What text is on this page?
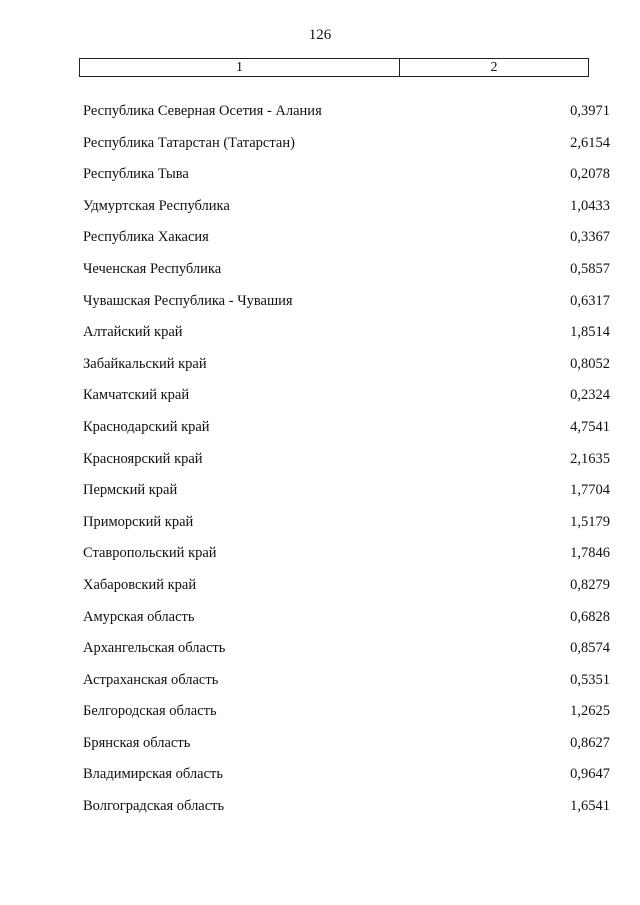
126
1	2
Республика Северная Осетия - Алания	0,3971
Республика Татарстан (Татарстан)	2,6154
Республика Тыва	0,2078
Удмуртская Республика	1,0433
Республика Хакасия	0,3367
Чеченская Республика	0,5857
Чувашская Республика - Чувашия	0,6317
Алтайский край	1,8514
Забайкальский край	0,8052
Камчатский край	0,2324
Краснодарский край	4,7541
Красноярский край	2,1635
Пермский край	1,7704
Приморский край	1,5179
Ставропольский край	1,7846
Хабаровский край	0,8279
Амурская область	0,6828
Архангельская область	0,8574
Астраханская область	0,5351
Белгородская область	1,2625
Брянская область	0,8627
Владимирская область	0,9647
Волгоградская область	1,6541
